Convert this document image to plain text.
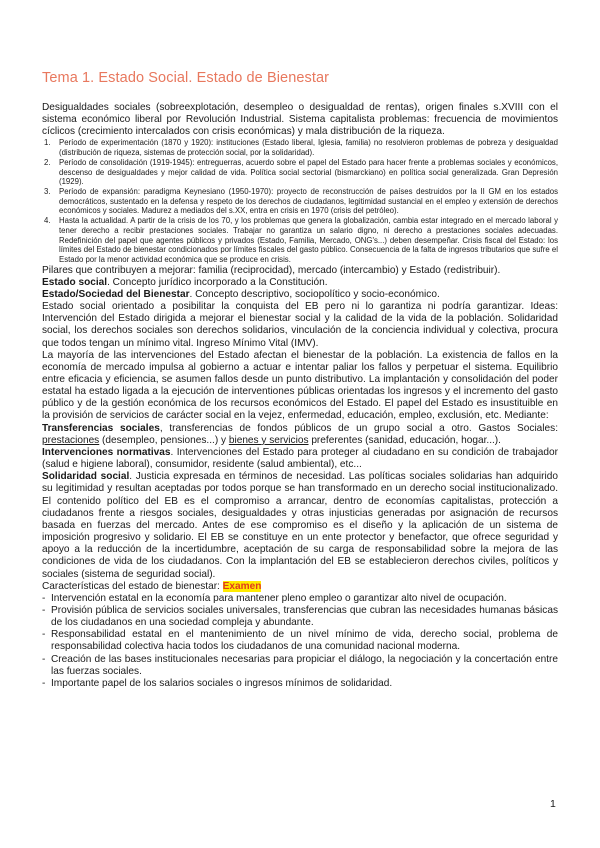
Tema 1. Estado Social. Estado de Bienestar

Desigualdades sociales (sobreexplotación, desempleo o desigualdad de rentas), origen finales s.XVIII con el sistema económico liberal por Revolución Industrial. Sistema capitalista problemas: frecuencia de movimientos cíclicos (crecimiento intercalados con crisis económicas) y mala distribución de la riqueza.

1. Período de experimentación (1870 y 1920): instituciones (Estado liberal, Iglesia, familia) no resolvieron problemas de pobreza y desigualdad (distribución de riqueza, sistemas de protección social, por la solidaridad).
2. Período de consolidación (1919-1945): entreguerras, acuerdo sobre el papel del Estado para hacer frente a problemas sociales y económicos, descenso de desigualdades y mejor calidad de vida. Política social sectorial (bismarckiano) en política social generalizada. Gran Depresión (1929).
3. Período de expansión: paradigma Keynesiano (1950-1970): proyecto de reconstrucción de países destruidos por la II GM en los estados democráticos, sustentado en la defensa y respeto de los derechos de ciudadanos, legitimidad sustancial en el empleo y extensión de derechos económicos y sociales. Madurez a mediados del s.XX, entra en crisis en 1970 (crisis del petróleo).
4. Hasta la actualidad. A partir de la crisis de los 70, y los problemas que genera la globalización, cambia estar integrado en el mercado laboral y tener derecho a recibir prestaciones sociales. Trabajar no garantiza un salario digno, ni derecho a prestaciones sociales adecuadas. Redefinición del papel que agentes públicos y privados (Estado, Familia, Mercado, ONG's...) deben desempeñar. Crisis fiscal del Estado: los límites del Estado de bienestar condicionados por límites fiscales del gasto público. Consecuencia de la falta de ingresos tributarios que sufre el Estado por la menor actividad económica que se produce en crisis.

Pilares que contribuyen a mejorar: familia (reciprocidad), mercado (intercambio) y Estado (redistribuir).

Estado social. Concepto jurídico incorporado a la Constitución.

Estado/Sociedad del Bienestar. Concepto descriptivo, sociopolítico y socio-económico.

Estado social orientado a posibilitar la conquista del EB pero ni lo garantiza ni podría garantizar. Ideas: Intervención del Estado dirigida a mejorar el bienestar social y la calidad de la vida de la población. Solidaridad social, los derechos sociales son derechos solidarios, vinculación de la conciencia individual y colectiva, procura que todos tengan un mínimo vital. Ingreso Mínimo Vital (IMV).

La mayoría de las intervenciones del Estado afectan el bienestar de la población. La existencia de fallos en la economía de mercado impulsa al gobierno a actuar e intentar paliar los fallos y perpetuar el sistema. Equilibrio entre eficacia y eficiencia, se asumen fallos desde un punto distributivo. La implantación y consolidación del poder estatal ha estado ligada a la ejecución de interventiones públicas orientadas los ingresos y el incremento del gasto público y de la gestión económica de los recursos económicos del Estado. El papel del Estado es insustituible en la provisión de servicios de carácter social en la vejez, enfermedad, educación, empleo, exclusión, etc. Mediante:

Transferencias sociales, transferencias de fondos públicos de un grupo social a otro. Gastos Sociales: prestaciones (desempleo, pensiones...) y bienes y servicios preferentes (sanidad, educación, hogar...).

Intervenciones normativas. Intervenciones del Estado para proteger al ciudadano en su condición de trabajador (salud e higiene laboral), consumidor, residente (salud ambiental), etc...

Solidaridad social. Justicia expresada en términos de necesidad. Las políticas sociales solidarias han adquirido su legitimidad y resultan aceptadas por todos porque se han transformado en un derecho social institucionalizado. El contenido político del EB es el compromiso a arrancar, dentro de economías capitalistas, protección a ciudadanos frente a riesgos sociales, desigualdades y otras injusticias generadas por asignación de recursos basada en fuerzas del mercado. Antes de ese compromiso es el diseño y la aplicación de un sistema de imposición progresivo y solidario. El EB se constituye en un ente protector y benefactor, que ofrece seguridad y apoyo a la reducción de la incertidumbre, aceptación de su carga de responsabilidad sobre la mejora de las condiciones de vida de los ciudadanos. Con la implantación del EB se establecieron derechos civiles, políticos y sociales (sistema de seguridad social).

Características del estado de bienestar: Examen

- Intervención estatal en la economía para mantener pleno empleo o garantizar alto nivel de ocupación.
- Provisión pública de servicios sociales universales, transferencias que cubran las necesidades humanas básicas de los ciudadanos en una sociedad compleja y abundante.
- Responsabilidad estatal en el mantenimiento de un nivel mínimo de vida, derecho social, problema de responsabilidad colectiva hacia todos los ciudadanos de una comunidad nacional moderna.
- Creación de las bases institucionales necesarias para propiciar el diálogo, la negociación y la concertación entre las fuerzas sociales.
- Importante papel de los salarios sociales o ingresos mínimos de solidaridad.
1
